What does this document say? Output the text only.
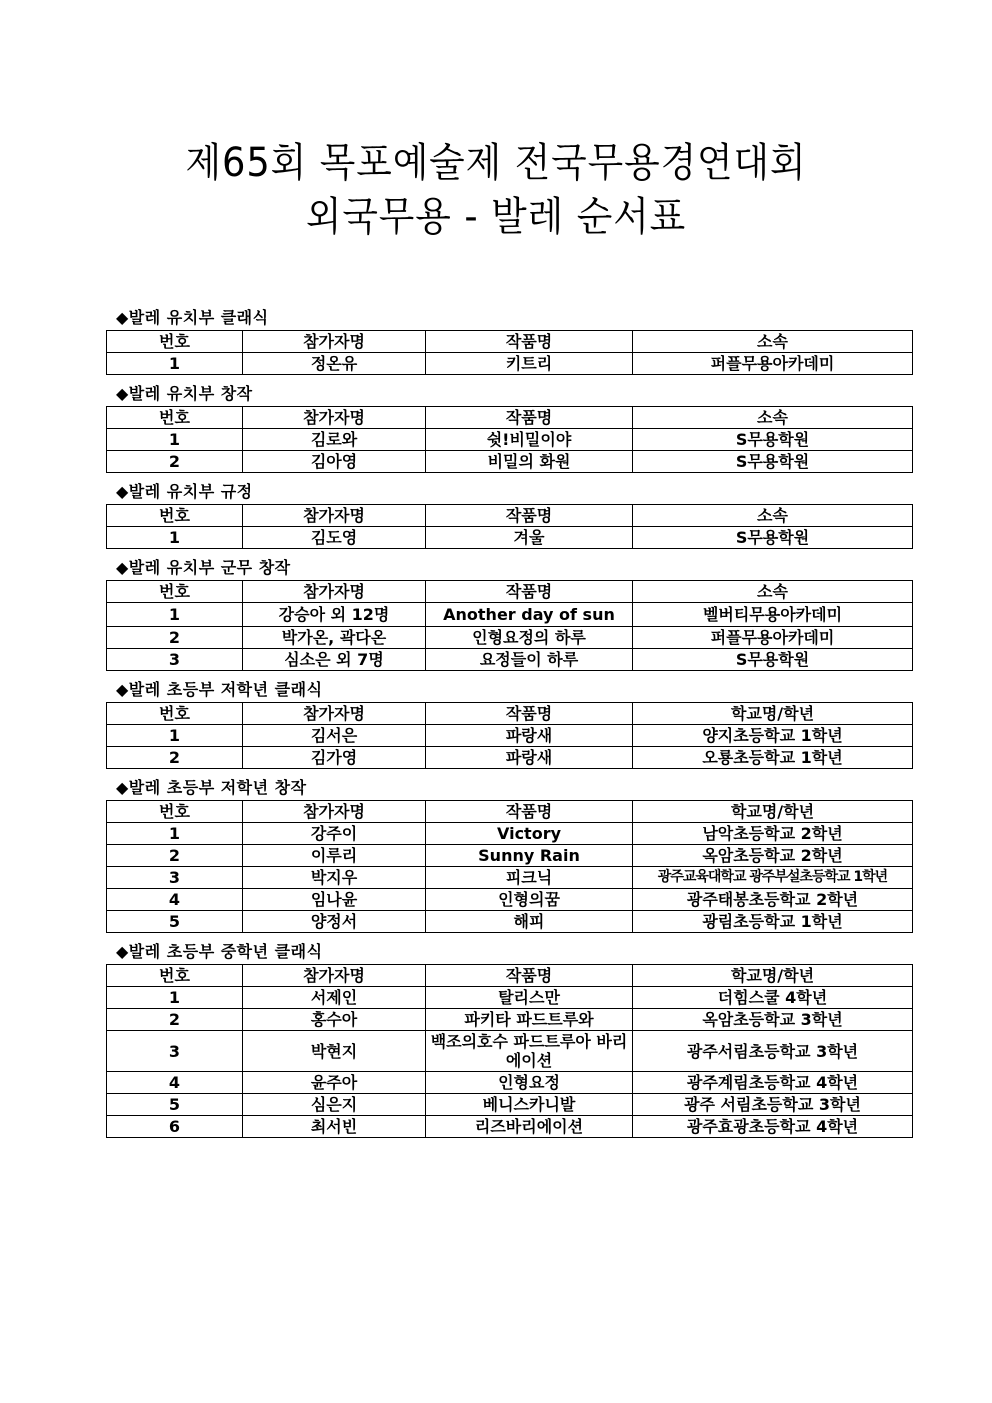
제65회 목포예술제 전국무용경연대회
외국무용 - 발레 순서표
◆발레 유치부 클래식
번호	참가자명	작품명	소속
1	정온유	키트리	퍼플무용아카데미
◆발레 유치부 창작
번호	참가자명	작품명	소속
1	김로와	쉿!비밀이야	S무용학원
2	김아영	비밀의 화원	S무용학원
◆발레 유치부 규정
번호	참가자명	작품명	소속
1	김도영	겨울	S무용학원
◆발레 유치부 군무 창작
번호	참가자명	작품명	소속
1	강승아 외 12명	Another day of sun	벨버티무용아카데미
2	박가온, 곽다온	인형요정의 하루	퍼플무용아카데미
3	심소은 외 7명	요정들이 하루	S무용학원
◆발레 초등부 저학년 클래식
번호	참가자명	작품명	학교명/학년
1	김서은	파랑새	양지초등학교 1학년
2	김가영	파랑새	오룡초등학교 1학년
◆발레 초등부 저학년 창작
번호	참가자명	작품명	학교명/학년
1	강주이	Victory	남악초등학교 2학년
2	이루리	Sunny Rain	옥암초등학교 2학년
3	박지우	피크닉	광주교육대학교 광주부설초등학교 1학년
4	임나윤	인형의꿈	광주태봉초등학교 2학년
5	양정서	해피	광림초등학교 1학년
◆발레 초등부 중학년 클래식
번호	참가자명	작품명	학교명/학년
1	서제인	탈리스만	더힘스쿨 4학년
2	홍수아	파키타 파드트루와	옥암초등학교 3학년
3	박현지	백조의호수 파드트루아 바리에이션	광주서림초등학교 3학년
4	윤주아	인형요정	광주계림초등학교 4학년
5	심은지	베니스카니발	광주 서림초등학교 3학년
6	최서빈	리즈바리에이션	광주효광초등학교 4학년
